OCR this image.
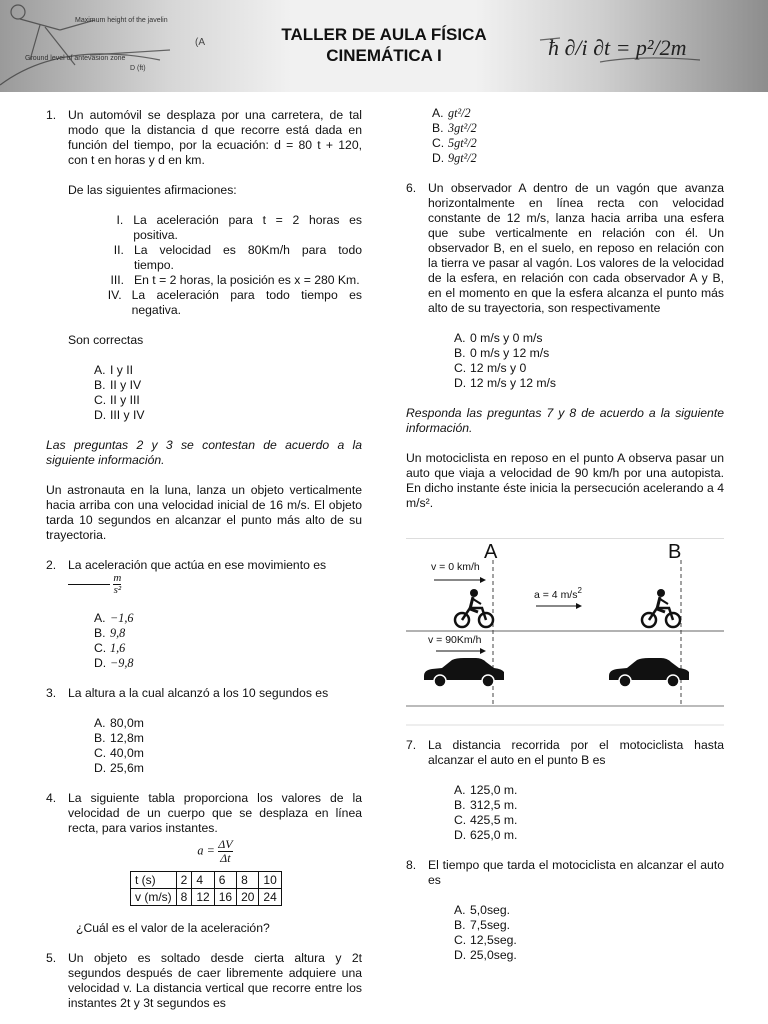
Maximum height of the javelin
Ground level of antevasion zone
D (ft)
(A	ħ ∂/i ∂t = p²/2m
TALLER DE AULA FÍSICA
CINEMÁTICA I
1. Un automóvil se desplaza por una carretera, de tal modo que la distancia d que recorre está dada en función del tiempo, por la ecuación: d = 80 t + 120, con t en horas y d en km.
De las siguientes afirmaciones:
I. La aceleración para t = 2 horas es positiva.
II. La velocidad es 80Km/h para todo tiempo.
III. En t = 2 horas, la posición es x = 280 Km.
IV. La aceleración para todo tiempo es negativa.
Son correctas
A. I y II
B. II y IV
C. II y III
D. III y IV
Las preguntas 2 y 3 se contestan de acuerdo a la siguiente información.
Un astronauta en la luna, lanza un objeto verticalmente hacia arriba con una velocidad inicial de 16 m/s. El objeto tarda 10 segundos en alcanzar el punto más alto de su trayectoria.
2. La aceleración que actúa en ese movimiento es

$\frac{m}{\text{s²}}$
A. −1,6
B. 9,8
C. 1,6
D. −9,8
3. La altura a la cual alcanzó a los 10 segundos es
A. 80,0m
B. 12,8m
C. 40,0m
D. 25,6m
4. La siguiente tabla proporciona los valores de la velocidad de un cuerpo que se desplaza en línea recta, para varios instantes.
$a = \frac{\Delta V}{\Delta t}$
t (s)	2	4	6	8	10
v (m/s)	8	12	16	20	24
¿Cuál es el valor de la aceleración?
5. Un objeto es soltado desde cierta altura y 2t segundos después de caer libremente adquiere una velocidad v. La distancia vertical que recorre entre los instantes 2t y 3t segundos es
A. gt²/2
B. 3gt²/2
C. 5gt²/2
D. 9gt²/2
6. Un observador A dentro de un vagón que avanza horizontalmente en línea recta con velocidad constante de 12 m/s, lanza hacia arriba una esfera que sube verticalmente en relación con él. Un observador B, en el suelo, en reposo en relación con la tierra ve pasar al vagón. Los valores de la velocidad de la esfera, en relación con cada observador A y B, en el momento en que la esfera alcanza el punto más alto de su trayectoria, son respectivamente
A. 0 m/s y 0 m/s
B. 0 m/s y 12 m/s
C. 12 m/s y 0
D. 12 m/s y 12 m/s
Responda las preguntas 7 y 8 de acuerdo a la siguiente información.
Un motociclista en reposo en el punto A observa pasar un auto que viaja a velocidad de 90 km/h por una autopista. En dicho instante éste inicia la persecución acelerando a 4 m/s².
A	B
v = 0 km/h
a = 4 $m/s^2$
v = 90Km/h
7. La distancia recorrida por el motociclista hasta alcanzar el auto en el punto B es
A. 125,0 m.
B. 312,5 m.
C. 425,5 m.
D. 625,0 m.
8. El tiempo que tarda el motociclista en alcanzar el auto es
A. 5,0seg.
B. 7,5seg.
C. 12,5seg.
D. 25,0seg.
